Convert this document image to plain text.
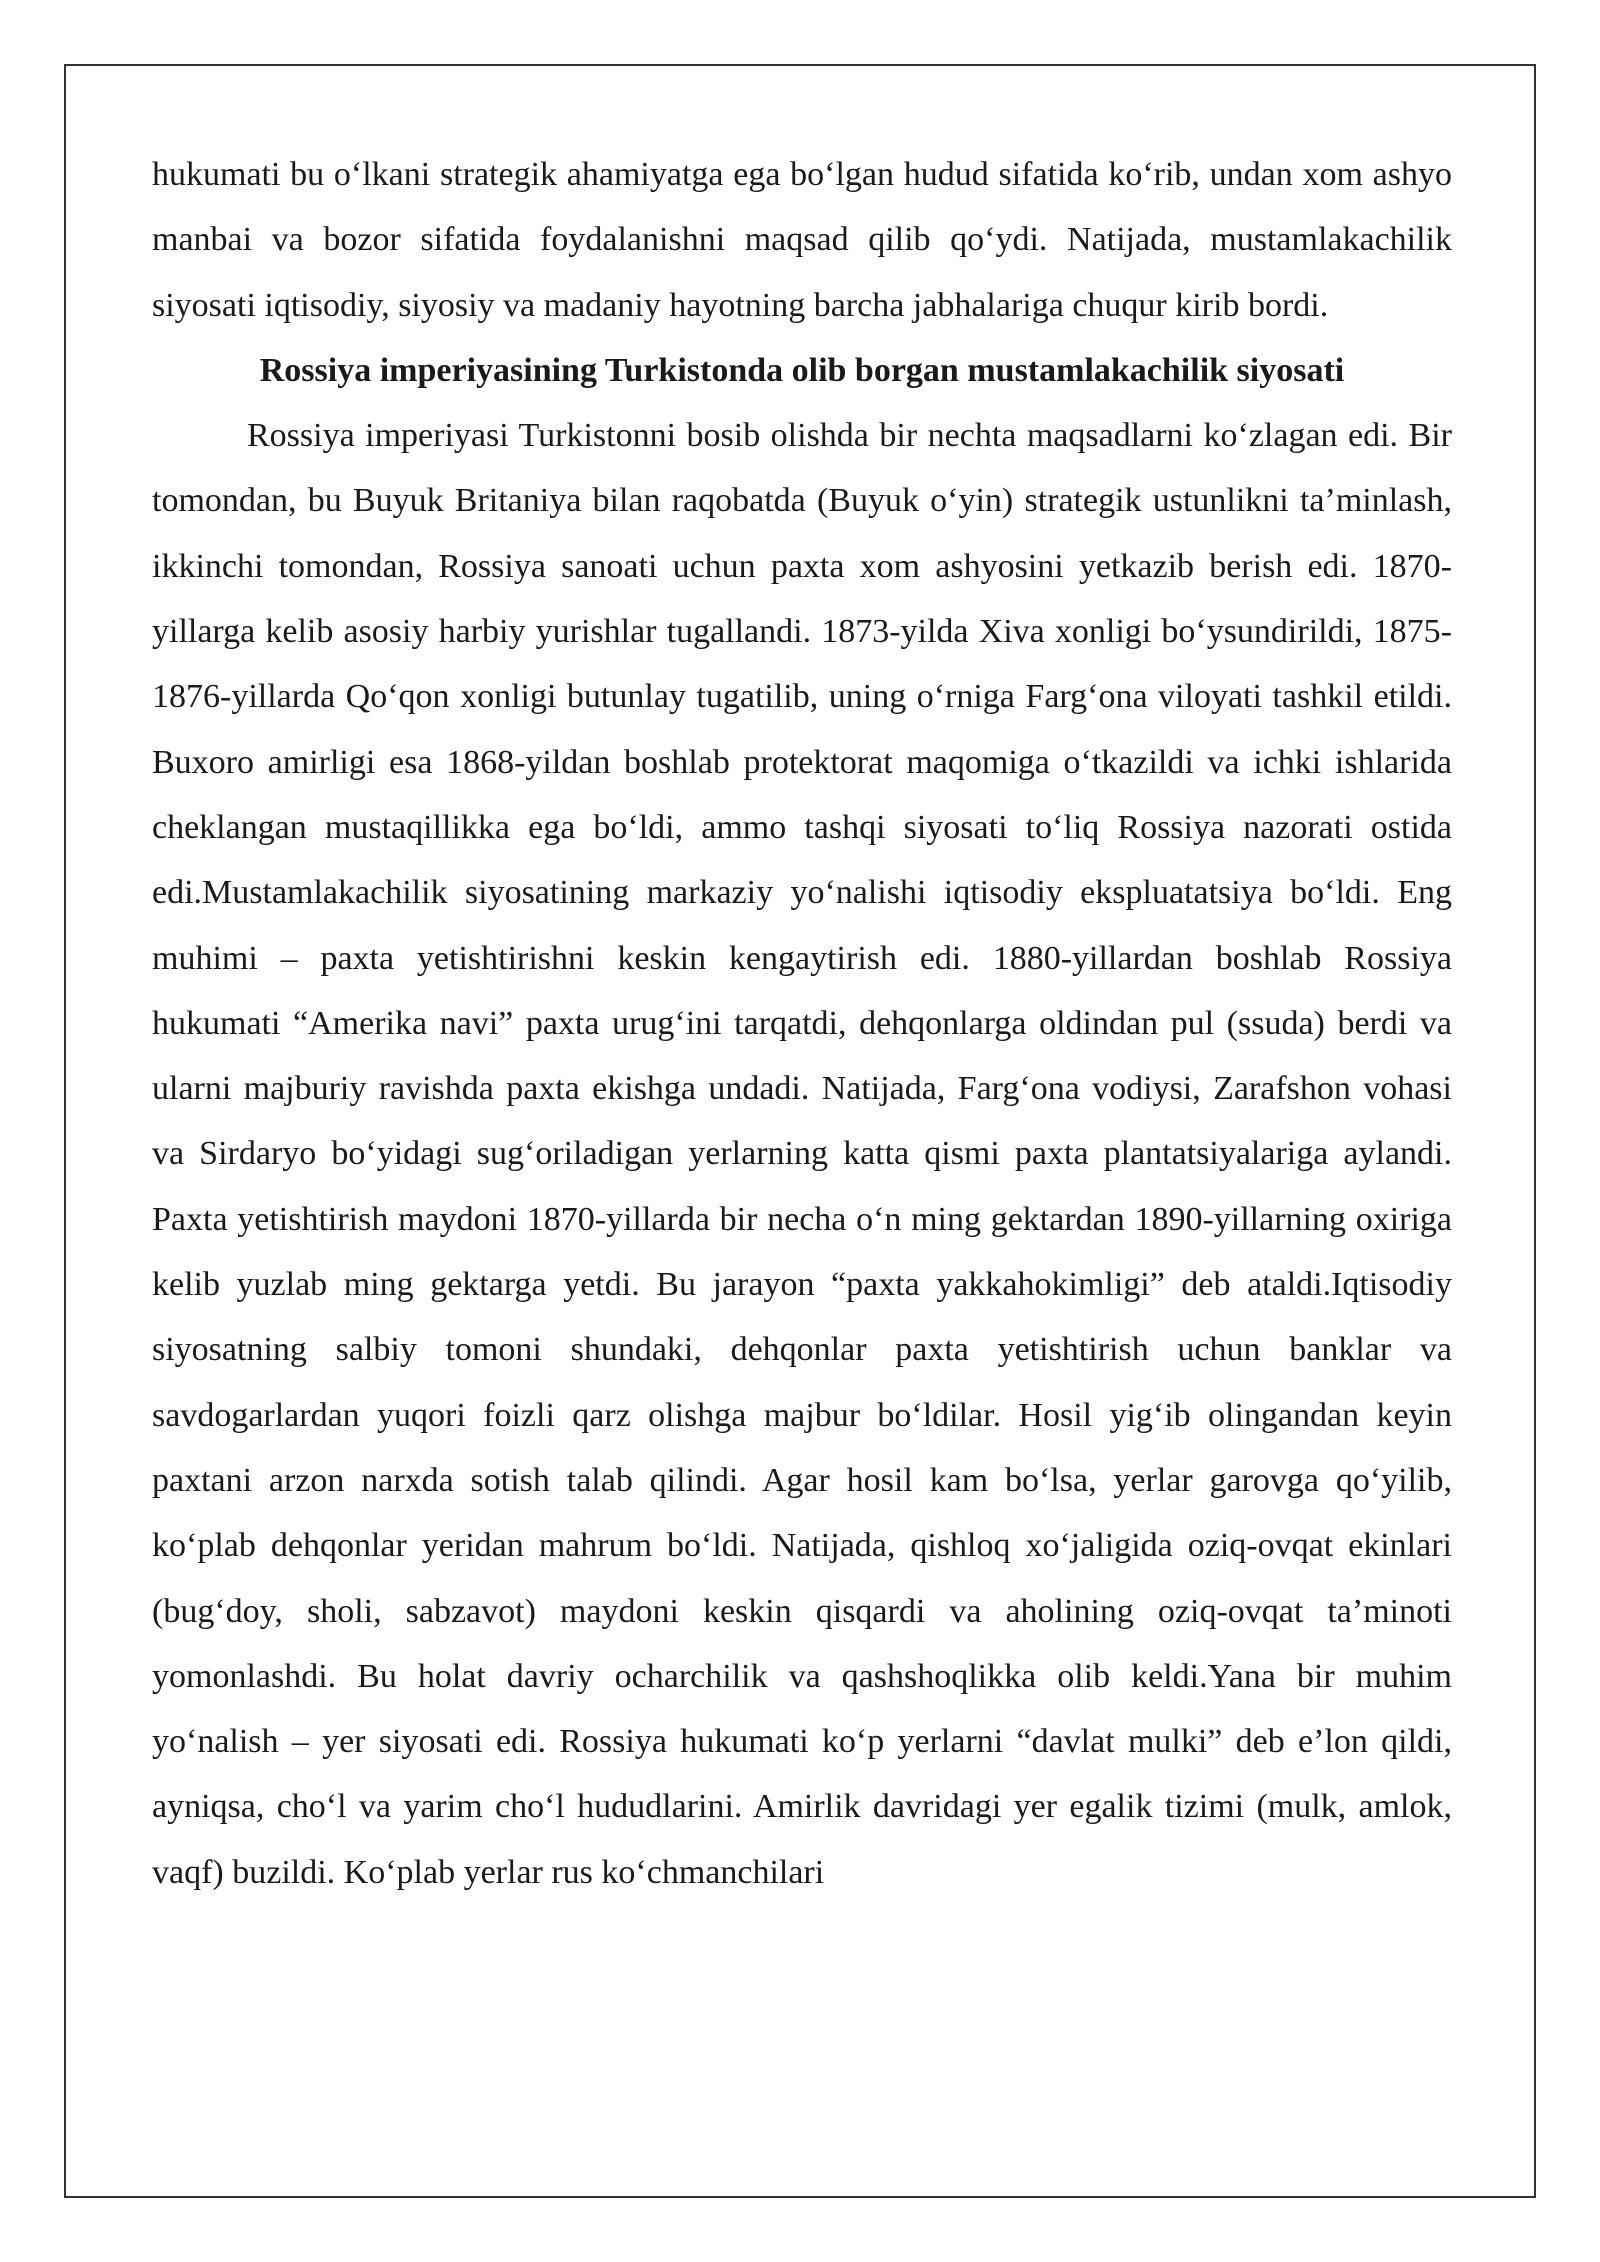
hukumati bu o‘lkani strategik ahamiyatga ega bo‘lgan hudud sifatida ko‘rib, undan xom ashyo manbai va bozor sifatida foydalanishni maqsad qilib qo‘ydi. Natijada, mustamlakachilik siyosati iqtisodiy, siyosiy va madaniy hayotning barcha jabhalariga chuqur kirib bordi.

Rossiya imperiyasining Turkistonda olib borgan mustamlakachilik siyosati

Rossiya imperiyasi Turkistonni bosib olishda bir nechta maqsadlarni ko‘zlagan edi. Bir tomondan, bu Buyuk Britaniya bilan raqobatda (Buyuk o‘yin) strategik ustunlikni ta’minlash, ikkinchi tomondan, Rossiya sanoati uchun paxta xom ashyosini yetkazib berish edi. 1870-yillarga kelib asosiy harbiy yurishlar tugallandi. 1873-yilda Xiva xonligi bo‘ysundirildi, 1875-1876-yillarda Qo‘qon xonligi butunlay tugatilib, uning o‘rniga Farg‘ona viloyati tashkil etildi. Buxoro amirligi esa 1868-yildan boshlab protektorat maqomiga o‘tkazildi va ichki ishlarida cheklangan mustaqillikka ega bo‘ldi, ammo tashqi siyosati to‘liq Rossiya nazorati ostida edi.Mustamlakachilik siyosatining markaziy yo‘nalishi iqtisodiy ekspluatatsiya bo‘ldi. Eng muhimi – paxta yetishtirishni keskin kengaytirish edi. 1880-yillardan boshlab Rossiya hukumati “Amerika navi” paxta urug‘ini tarqatdi, dehqonlarga oldindan pul (ssuda) berdi va ularni majburiy ravishda paxta ekishga undadi. Natijada, Farg‘ona vodiysi, Zarafshon vohasi va Sirdaryo bo‘yidagi sug‘oriladigan yerlarning katta qismi paxta plantatsiyalariga aylandi. Paxta yetishtirish maydoni 1870-yillarda bir necha o‘n ming gektardan 1890-yillarning oxiriga kelib yuzlab ming gektarga yetdi. Bu jarayon “paxta yakkahokimligi” deb ataldi.Iqtisodiy siyosatning salbiy tomoni shundaki, dehqonlar paxta yetishtirish uchun banklar va savdogarlardan yuqori foizli qarz olishga majbur bo‘ldilar. Hosil yig‘ib olingandan keyin paxtani arzon narxda sotish talab qilindi. Agar hosil kam bo‘lsa, yerlar garovga qo‘yilib, ko‘plab dehqonlar yeridan mahrum bo‘ldi. Natijada, qishloq xo‘jaligida oziq-ovqat ekinlari (bug‘doy, sholi, sabzavot) maydoni keskin qisqardi va aholining oziq-ovqat ta’minoti yomonlashdi. Bu holat davriy ocharchilik va qashshoqlikka olib keldi.Yana bir muhim yo‘nalish – yer siyosati edi. Rossiya hukumati ko‘p yerlarni “davlat mulki” deb e’lon qildi, ayniqsa, cho‘l va yarim cho‘l hududlarini. Amirlik davridagi yer egalik tizimi (mulk, amlok, vaqf) buzildi. Ko‘plab yerlar rus ko‘chmanchilari
